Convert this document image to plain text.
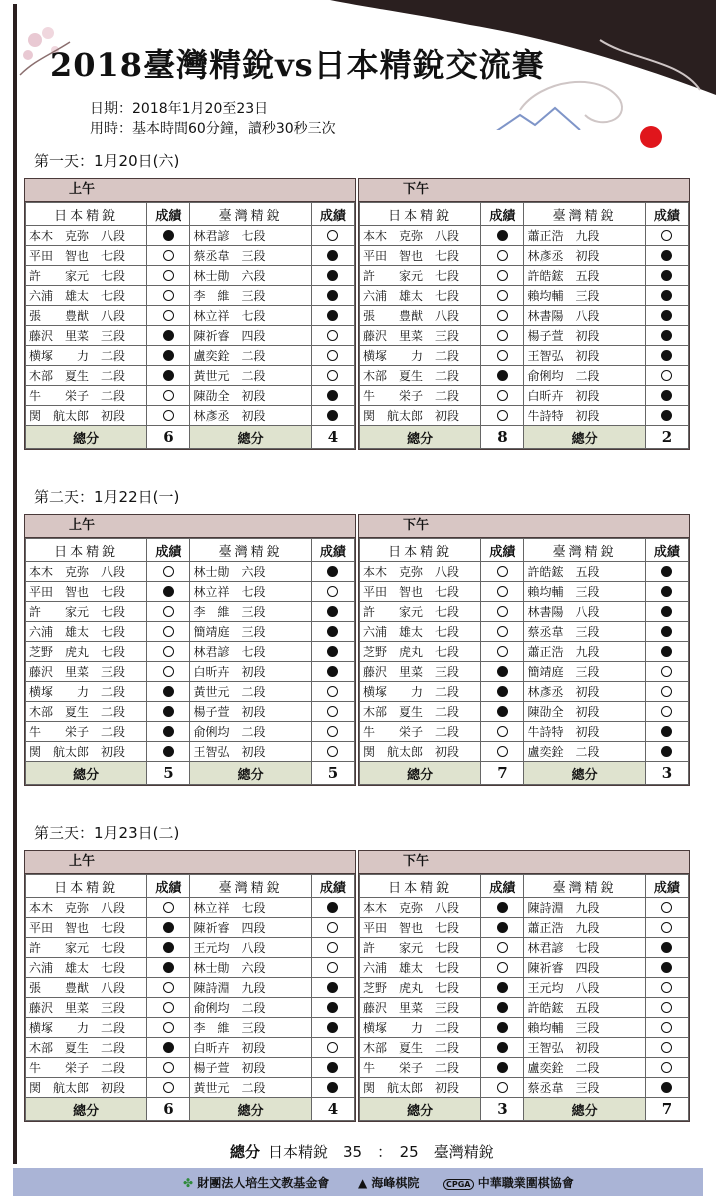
2018臺灣精銳vs日本精銳交流賽
日期：2018年1月20至23日
用時：基本時間60分鐘，讀秒30秒三次
第一天：1月20日(六)
上午
日本精銳	成績	臺灣精銳	成績
本木　克弥　八段		林君諺　七段	
平田　智也　七段		蔡丞韋　三段	
許　　家元　七段		林士勛　六段	
六浦　雄太　七段		李　維　三段	
張　　豊猷　八段		林立祥　七段	
藤沢　里菜　三段		陳祈睿　四段	
横塚　　力　二段		盧奕銓　二段	
木部　夏生　二段		黃世元　二段	
牛　　栄子　二段		陳劭全　初段	
関　航太郎　初段		林彥丞　初段	
總分	6	總分	4
下午
日本精銳	成績	臺灣精銳	成績
本木　克弥　八段		蕭正浩　九段	
平田　智也　七段		林彥丞　初段	
許　　家元　七段		許皓鋐　五段	
六浦　雄太　七段		賴均輔　三段	
張　　豊猷　八段		林書陽　八段	
藤沢　里菜　三段		楊子萱　初段	
横塚　　力　二段		王智弘　初段	
木部　夏生　二段		俞俐均　二段	
牛　　栄子　二段		白昕卉　初段	
関　航太郎　初段		牛詩特　初段	
總分	8	總分	2
第二天：1月22日(一)
上午
日本精銳	成績	臺灣精銳	成績
本木　克弥　八段		林士勛　六段	
平田　智也　七段		林立祥　七段	
許　　家元　七段		李　維　三段	
六浦　雄太　七段		簡靖庭　三段	
芝野　虎丸　七段		林君諺　七段	
藤沢　里菜　三段		白昕卉　初段	
横塚　　力　二段		黃世元　二段	
木部　夏生　二段		楊子萱　初段	
牛　　栄子　二段		俞俐均　二段	
関　航太郎　初段		王智弘　初段	
總分	5	總分	5
下午
日本精銳	成績	臺灣精銳	成績
本木　克弥　八段		許皓鋐　五段	
平田　智也　七段		賴均輔　三段	
許　　家元　七段		林書陽　八段	
六浦　雄太　七段		蔡丞韋　三段	
芝野　虎丸　七段		蕭正浩　九段	
藤沢　里菜　三段		簡靖庭　三段	
横塚　　力　二段		林彥丞　初段	
木部　夏生　二段		陳劭全　初段	
牛　　栄子　二段		牛詩特　初段	
関　航太郎　初段		盧奕銓　二段	
總分	7	總分	3
第三天：1月23日(二)
上午
日本精銳	成績	臺灣精銳	成績
本木　克弥　八段		林立祥　七段	
平田　智也　七段		陳祈睿　四段	
許　　家元　七段		王元均　八段	
六浦　雄太　七段		林士勛　六段	
張　　豊猷　八段		陳詩淵　九段	
藤沢　里菜　三段		俞俐均　二段	
横塚　　力　二段		李　維　三段	
木部　夏生　二段		白昕卉　初段	
牛　　栄子　二段		楊子萱　初段	
関　航太郎　初段		黃世元　二段	
總分	6	總分	4
下午
日本精銳	成績	臺灣精銳	成績
本木　克弥　八段		陳詩淵　九段	
平田　智也　七段		蕭正浩　九段	
許　　家元　七段		林君諺　七段	
六浦　雄太　七段		陳祈睿　四段	
芝野　虎丸　七段		王元均　八段	
藤沢　里菜　三段		許皓鋐　五段	
横塚　　力　二段		賴均輔　三段	
木部　夏生　二段		王智弘　初段	
牛　　栄子　二段		盧奕銓　二段	
関　航太郎　初段		蔡丞韋　三段	
總分	3	總分	7
總分 日本精銳　35　：　25　臺灣精銳
✤ 財團法人培生文教基金會 ▲ 海峰棋院	CPGA 中華職業圍棋協會
